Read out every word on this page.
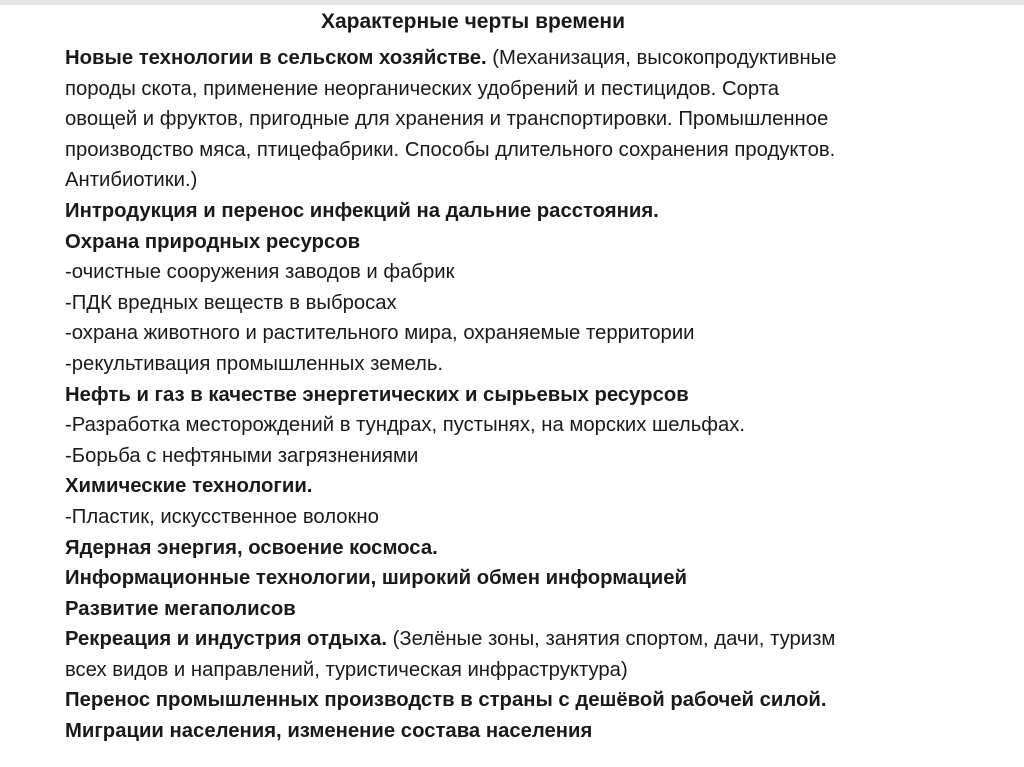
Характерные черты времени

Новые технологии в сельском хозяйстве. (Механизация, высокопродуктивные

породы скота, применение неорганических удобрений и пестицидов. Сорта

овощей и фруктов, пригодные для хранения и транспортировки. Промышленное

производство мяса, птицефабрики. Способы длительного сохранения продуктов.

Антибиотики.)

Интродукция и перенос инфекций на дальние расстояния.

Охрана природных ресурсов

-очистные сооружения заводов и фабрик

-ПДК вредных веществ в выбросах

-охрана животного и растительного мира, охраняемые территории

-рекультивация промышленных земель.

Нефть и газ в качестве энергетических и сырьевых ресурсов

-Разработка месторождений в тундрах, пустынях, на морских шельфах.

-Борьба с нефтяными загрязнениями

Химические технологии.

-Пластик, искусственное волокно

Ядерная энергия, освоение космоса.

Информационные технологии, широкий обмен информацией

Развитие мегаполисов

Рекреация и индустрия отдыха. (Зелёные зоны, занятия спортом, дачи, туризм

всех видов и направлений, туристическая инфраструктура)

Перенос промышленных производств в страны с дешёвой рабочей силой.

Миграции населения, изменение состава населения
